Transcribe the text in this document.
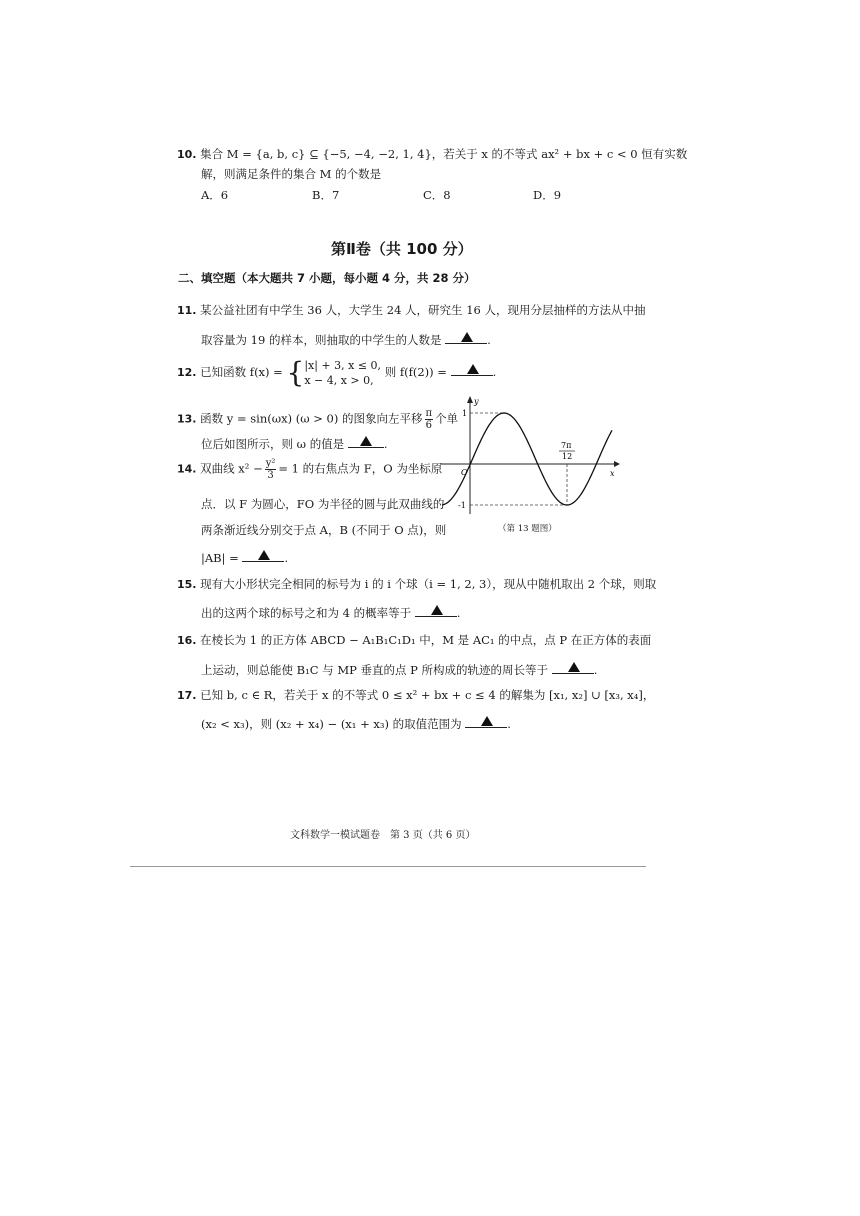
10. 集合 M = {a, b, c} ⊆ {−5, −4, −2, 1, 4}，若关于 x 的不等式 ax² + bx + c < 0 恒有实数
解，则满足条件的集合 M 的个数是
A．6	B．7	C．8	D．9
第Ⅱ卷（共 100 分）
二、填空题（本大题共 7 小题，每小题 4 分，共 28 分）
11. 某公益社团有中学生 36 人，大学生 24 人，研究生 16 人，现用分层抽样的方法从中抽
取容量为 19 的样本，则抽取的中学生的人数是	.
12. 已知函数 f(x) = { |x| + 3, x ≤ 0,
x − 4, x > 0,
则 f(f(2)) =	.
13. 函数 y = sin(ωx) (ω > 0) 的图象向左平移 $\frac{\pi}{6}$ 个单
位后如图所示，则 ω 的值是	.
14. 双曲线 $x^2 - \frac{\text{y²}}{3} = 1$ 的右焦点为 F，O 为坐标原
点．以 F 为圆心，FO 为半径的圆与此双曲线的
两条渐近线分别交于点 A，B (不同于 O 点)，则
|AB| =	.
y
x
O
1
-1
7π
12
（第 13 题图）
15. 现有大小形状完全相同的标号为 i 的 i 个球（i = 1, 2, 3），现从中随机取出 2 个球，则取
出的这两个球的标号之和为 4 的概率等于	.
16. 在棱长为 1 的正方体 ABCD − A₁B₁C₁D₁ 中，M 是 AC₁ 的中点，点 P 在正方体的表面
上运动，则总能使 B₁C 与 MP 垂直的点 P 所构成的轨迹的周长等于	.
17. 已知 b, c ∈ R，若关于 x 的不等式 0 ≤ x² + bx + c ≤ 4 的解集为 [x₁, x₂] ∪ [x₃, x₄]，
(x₂ < x₃)，则 (x₂ + x₄) − (x₁ + x₃) 的取值范围为	.
文科数学一模试题卷　第 3 页（共 6 页）
